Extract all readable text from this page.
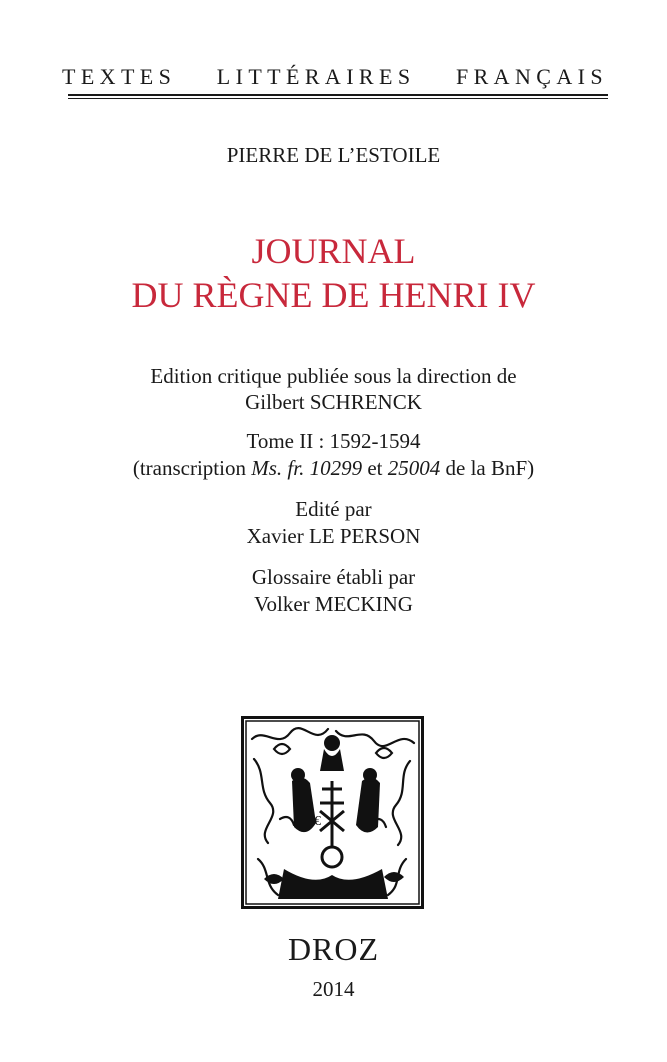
TEXTES LITTÉRAIRES FRANÇAIS
PIERRE DE L’ESTOILE
JOURNAL
DU RÈGNE DE HENRI IV
Edition critique publiée sous la direction de
Gilbert SCHRENCK
Tome II : 1592-1594
(transcription Ms. fr. 10299 et 25004 de la BnF)
Edité par
Xavier LE PERSON
Glossaire établi par
Volker MECKING
€
DROZ
2014
